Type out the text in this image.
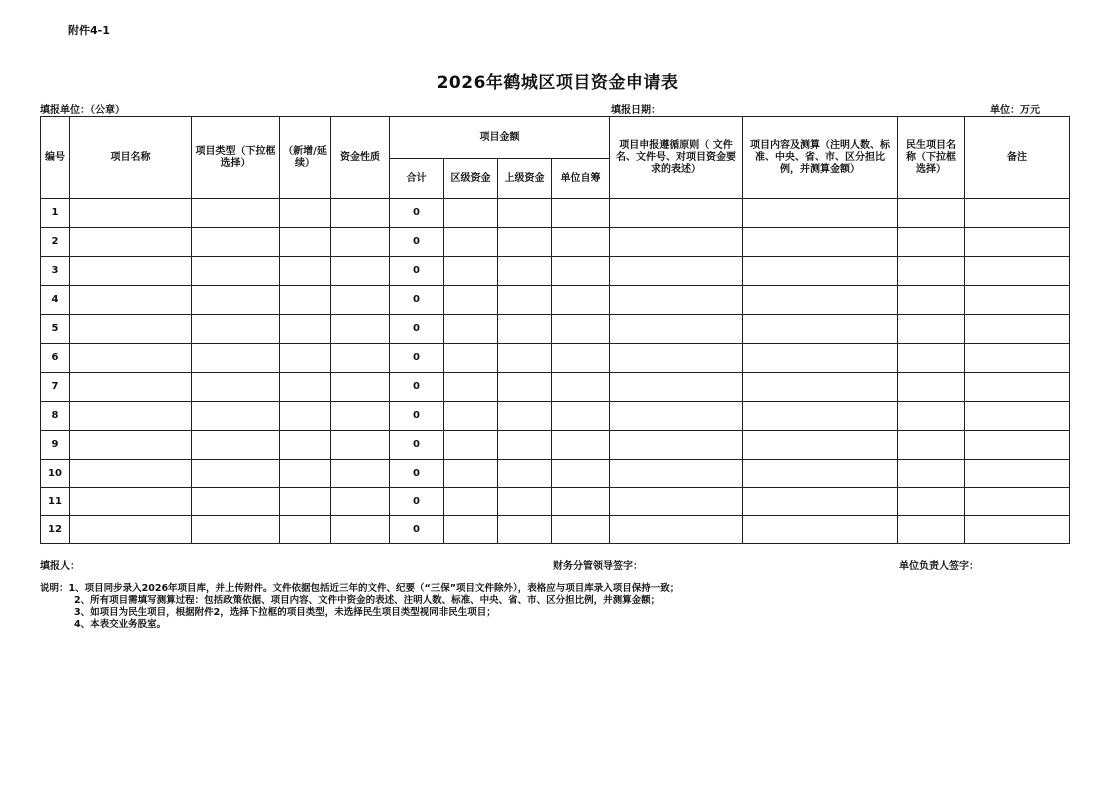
附件4-1
2026年鹤城区项目资金申请表
填报单位：（公章）	填报日期：	单位：万元
编号	项目名称	项目类型（下拉框选择）	（新增/延续）	资金性质	项目金额				项目申报遵循原则（ 文件名、文件号、对项目资金要求的表述）	项目内容及测算（注明人数、标准、中央、省、市、区分担比例，并测算金额）	民生项目名称（下拉框选择）	备注
					合计	区级资金	上级资金	单位自筹				
1					0							
2					0							
3					0							
4					0							
5					0							
6					0							
7					0							
8					0							
9					0							
10					0							
11					0							
12					0							
填报人：	财务分管领导签字：	单位负责人签字：
说明：1、项目同步录入2026年项目库，并上传附件。文件依据包括近三年的文件、纪要（“三保”项目文件除外），表格应与项目库录入项目保持一致；
2、所有项目需填写测算过程：包括政策依据、项目内容、文件中资金的表述、注明人数、标准、中央、省、市、区分担比例，并测算金额；
3、如项目为民生项目，根据附件2，选择下拉框的项目类型，未选择民生项目类型视同非民生项目；
4、本表交业务股室。
